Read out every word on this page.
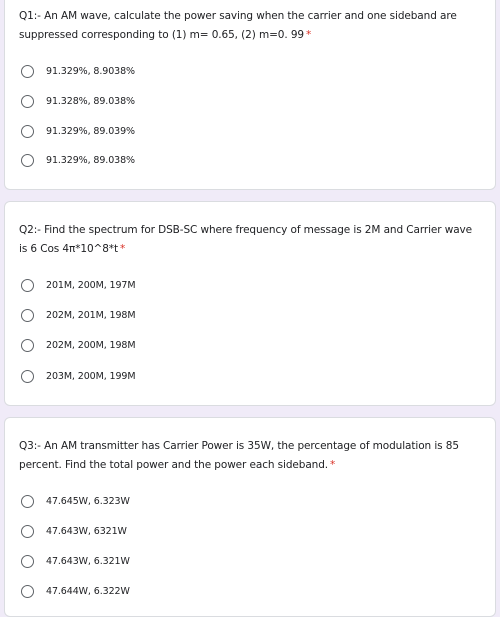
Q1:- An AM wave, calculate the power saving when the carrier and one sideband are suppressed corresponding to (1) m= 0.65, (2) m=0. 99 *
91.329%, 8.9038%
91.328%, 89.038%
91.329%, 89.039%
91.329%, 89.038%
Q2:- Find the spectrum for DSB-SC where frequency of message is 2M and Carrier wave is 6 Cos 4π*10^8*t *
201M, 200M, 197M
202M, 201M, 198M
202M, 200M, 198M
203M, 200M, 199M
Q3:- An AM transmitter has Carrier Power is 35W, the percentage of modulation is 85 percent. Find the total power and the power each sideband. *
47.645W, 6.323W
47.643W, 6321W
47.643W, 6.321W
47.644W, 6.322W
